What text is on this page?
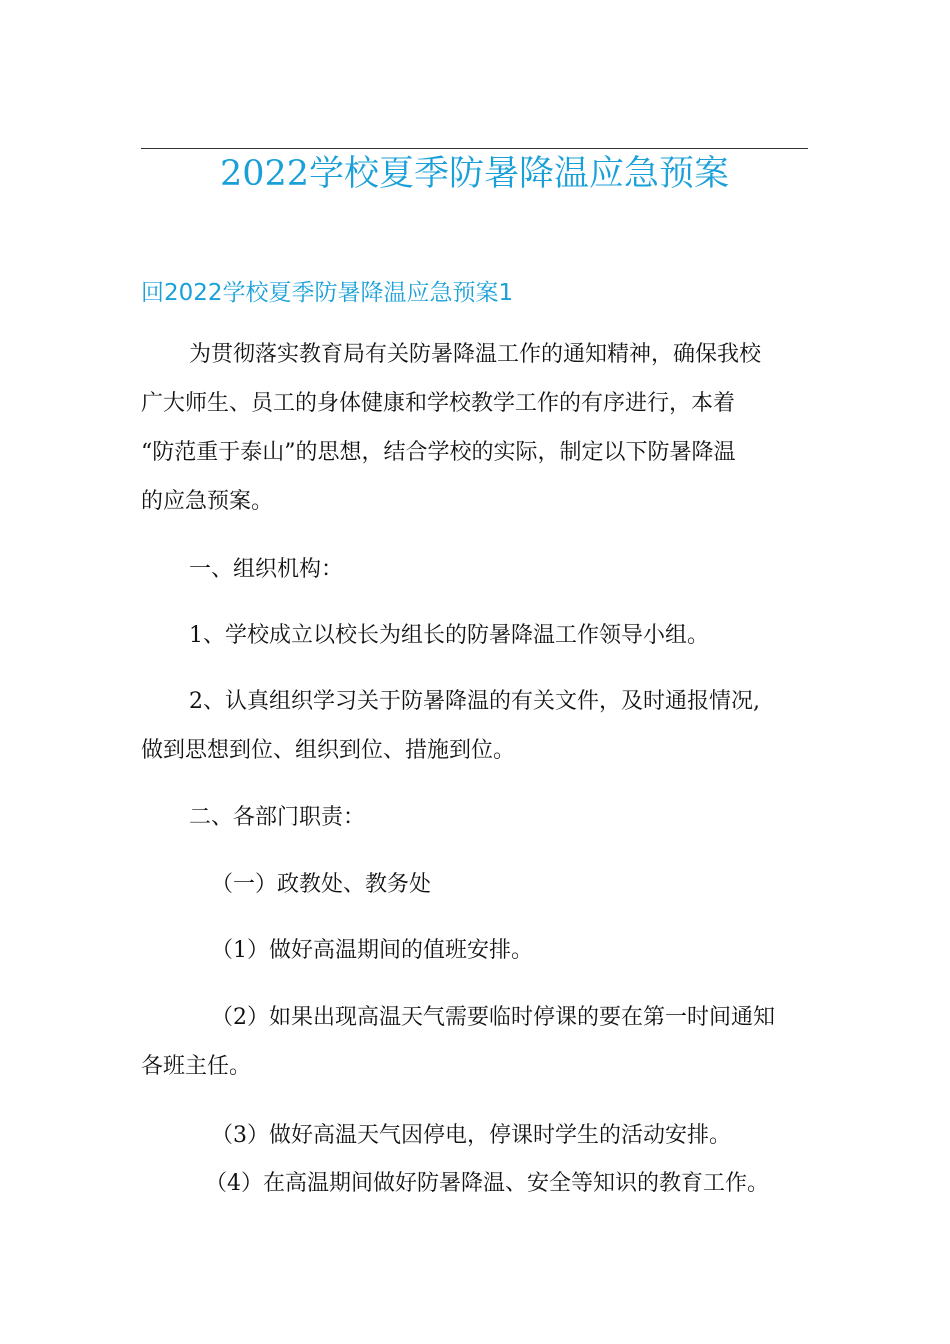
2022学校夏季防暑降温应急预案
回2022学校夏季防暑降温应急预案1
为贯彻落实教育局有关防暑降温工作的通知精神，确保我校
广大师生、员工的身体健康和学校教学工作的有序进行，本着
“防范重于泰山”的思想，结合学校的实际，制定以下防暑降温
的应急预案。
一、组织机构：
1、学校成立以校长为组长的防暑降温工作领导小组。
2、认真组织学习关于防暑降温的有关文件，及时通报情况,
做到思想到位、组织到位、措施到位。
二、各部门职责：
（一）政教处、教务处
（1）做好高温期间的值班安排。
（2）如果出现高温天气需要临时停课的要在第一时间通知
各班主任。
（3）做好高温天气因停电，停课时学生的活动安排。
（4）在高温期间做好防暑降温、安全等知识的教育工作。
